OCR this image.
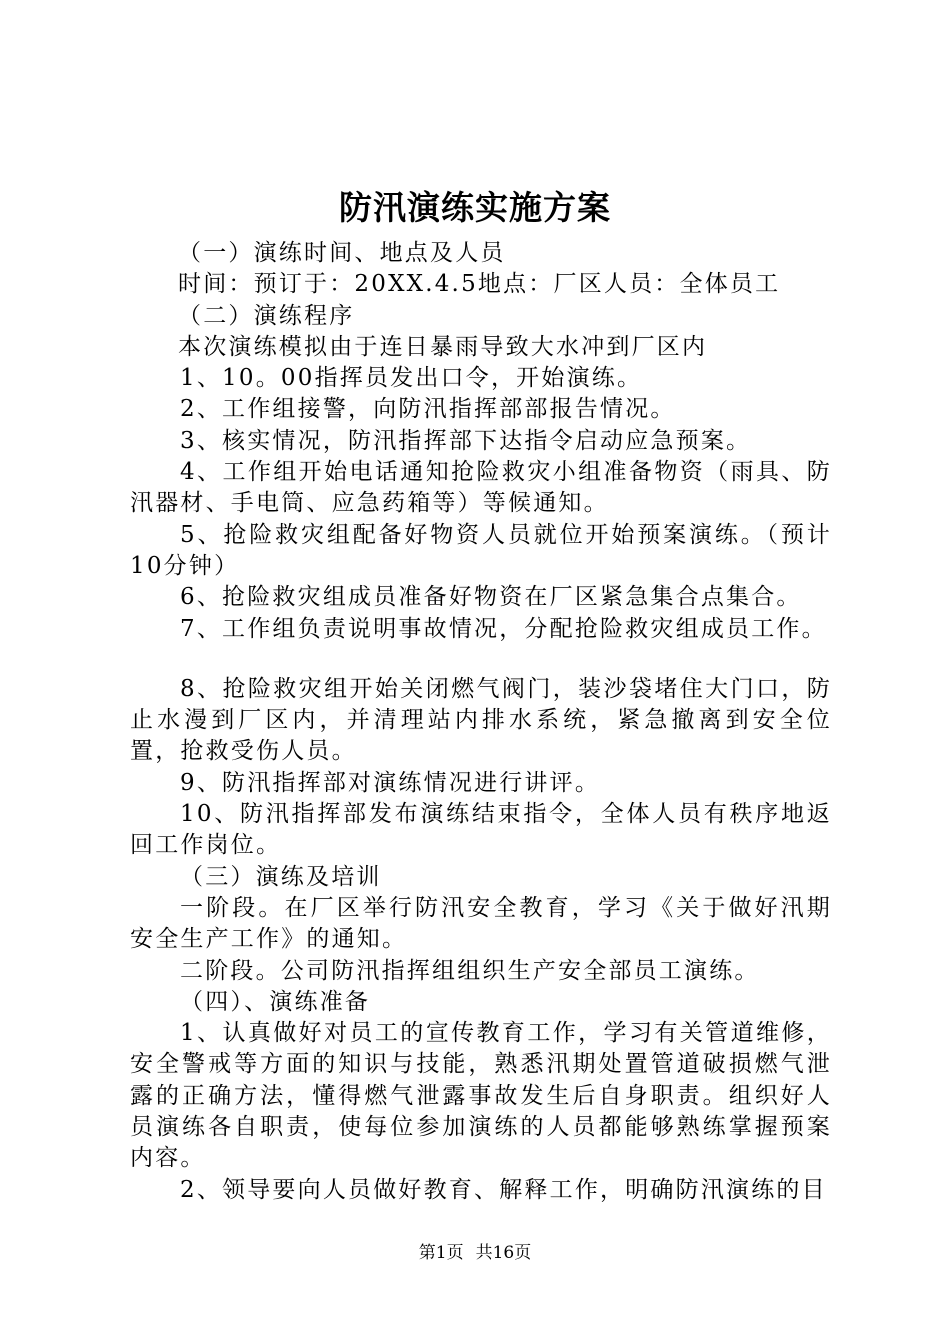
防汛演练实施方案

（一）演练时间、地点及人员

时间：预订于：20XX.4.5地点：厂区人员：全体员工

（二）演练程序

本次演练模拟由于连日暴雨导致大水冲到厂区内

1、10。00指挥员发出口令，开始演练。

2、工作组接警，向防汛指挥部部报告情况。

3、核实情况，防汛指挥部下达指令启动应急预案。

4、工作组开始电话通知抢险救灾小组准备物资（雨具、防汛器材、手电筒、应急药箱等）等候通知。

5、抢险救灾组配备好物资人员就位开始预案演练。（预计10分钟）

6、抢险救灾组成员准备好物资在厂区紧急集合点集合。

7、工作组负责说明事故情况，分配抢险救灾组成员工作。

8、抢险救灾组开始关闭燃气阀门，装沙袋堵住大门口，防止水漫到厂区内，并清理站内排水系统，紧急撤离到安全位置，抢救受伤人员。

9、防汛指挥部对演练情况进行讲评。

10、防汛指挥部发布演练结束指令，全体人员有秩序地返回工作岗位。

（三）演练及培训

一阶段。在厂区举行防汛安全教育，学习《关于做好汛期安全生产工作》的通知。

二阶段。公司防汛指挥组组织生产安全部员工演练。

（四）、演练准备

1、认真做好对员工的宣传教育工作，学习有关管道维修，安全警戒等方面的知识与技能，熟悉汛期处置管道破损燃气泄露的正确方法，懂得燃气泄露事故发生后自身职责。组织好人员演练各自职责，使每位参加演练的人员都能够熟练掌握预案内容。

2、领导要向人员做好教育、解释工作，明确防汛演练的目

第1页 共16页
